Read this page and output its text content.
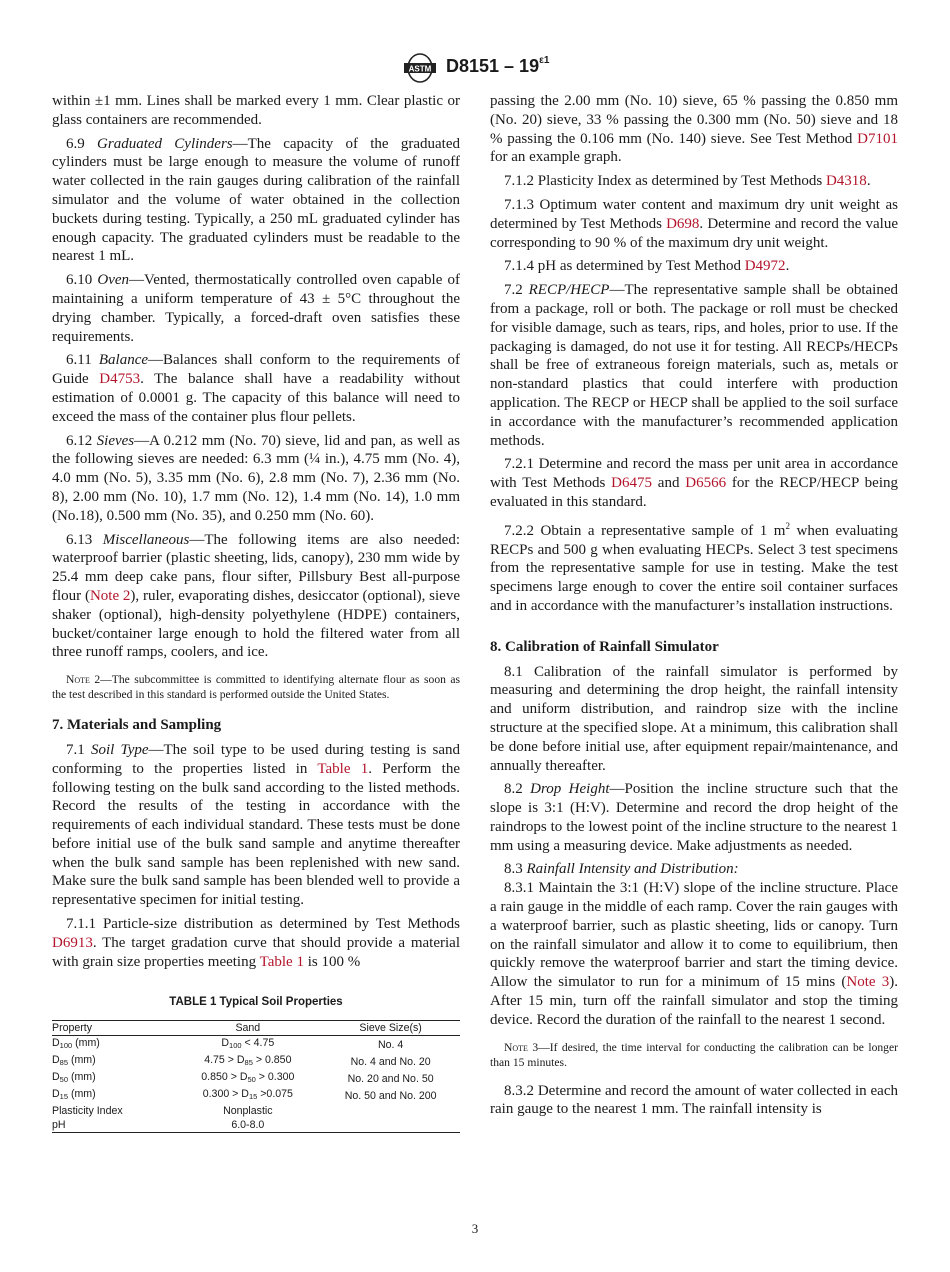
ASTM $D8151 - 19^{\varepsilon 1}$

within ±1 mm. Lines shall be marked every 1 mm. Clear plastic or glass containers are recommended.

6.9 Graduated Cylinders—The capacity of the graduated cylinders must be large enough to measure the volume of runoff water collected in the rain gauges during calibration of the rainfall simulator and the volume of water obtained in the collection buckets during testing. Typically, a 250 mL graduated cylinder has enough capacity. The graduated cylinders must be readable to the nearest 1 mL.

6.10 Oven—Vented, thermostatically controlled oven capable of maintaining a uniform temperature of 43 ± 5°C throughout the drying chamber. Typically, a forced-draft oven satisfies these requirements.

6.11 Balance—Balances shall conform to the requirements of Guide D4753. The balance shall have a readability without estimation of 0.0001 g. The capacity of this balance will need to exceed the mass of the container plus flour pellets.

6.12 Sieves—A 0.212 mm (No. 70) sieve, lid and pan, as well as the following sieves are needed: 6.3 mm (¼ in.), 4.75 mm (No. 4), 4.0 mm (No. 5), 3.35 mm (No. 6), 2.8 mm (No. 7), 2.36 mm (No. 8), 2.00 mm (No. 10), 1.7 mm (No. 12), 1.4 mm (No. 14), 1.0 mm (No.18), 0.500 mm (No. 35), and 0.250 mm (No. 60).

6.13 Miscellaneous—The following items are also needed: waterproof barrier (plastic sheeting, lids, canopy), 230 mm wide by 25.4 mm deep cake pans, flour sifter, Pillsbury Best all-purpose flour (Note 2), ruler, evaporating dishes, desiccator (optional), sieve shaker (optional), high-density polyethylene (HDPE) containers, bucket/container large enough to hold the filtered water from all three runoff ramps, coolers, and ice.

Note 2—The subcommittee is committed to identifying alternate flour as soon as the test described in this standard is performed outside the United States.

7. Materials and Sampling

7.1 Soil Type—The soil type to be used during testing is sand conforming to the properties listed in Table 1. Perform the following testing on the bulk sand according to the listed methods. Record the results of the testing in accordance with the requirements of each individual standard. These tests must be done before initial use of the bulk sand sample and anytime thereafter when the bulk sand sample has been replenished with new sand. Make sure the bulk sand sample has been blended well to provide a representative specimen for initial testing.

7.1.1 Particle-size distribution as determined by Test Methods D6913. The target gradation curve that should provide a material with grain size properties meeting Table 1 is 100 %

TABLE 1 Typical Soil Properties
Property	Sand	Sieve Size(s)
$D_{100}$ (mm)	$D_{100} < 4.75$	No. 4
$D_{85}$ (mm)	$4.75 > D_{85} > 0.850$	No. 4 and No. 20
$D_{50}$ (mm)	$0.850 > D_{50} > 0.300$	No. 20 and No. 50
$D_{15}$ (mm)	$0.300 > D_{15} >0.075$	No. 50 and No. 200
Plasticity Index	Nonplastic	
pH	6.0-8.0	

passing the 2.00 mm (No. 10) sieve, 65 % passing the 0.850 mm (No. 20) sieve, 33 % passing the 0.300 mm (No. 50) sieve and 18 % passing the 0.106 mm (No. 140) sieve. See Test Method D7101 for an example graph.

7.1.2 Plasticity Index as determined by Test Methods D4318.

7.1.3 Optimum water content and maximum dry unit weight as determined by Test Methods D698. Determine and record the value corresponding to 90 % of the maximum dry unit weight.

7.1.4 pH as determined by Test Method D4972.

7.2 RECP/HECP—The representative sample shall be obtained from a package, roll or both. The package or roll must be checked for visible damage, such as tears, rips, and holes, prior to use. If the packaging is damaged, do not use it for testing. All RECPs/HECPs shall be free of extraneous foreign materials, such as, metals or non-standard plastics that could interfere with production application. The RECP or HECP shall be applied to the soil surface in accordance with the manufacturer’s recommended application methods.

7.2.1 Determine and record the mass per unit area in accordance with Test Methods D6475 and D6566 for the RECP/HECP being evaluated in this standard.

7.2.2 Obtain a representative sample of 1 $m^2$ when evaluating RECPs and 500 g when evaluating HECPs. Select 3 test specimens from the representative sample for use in testing. Make the test specimens large enough to cover the entire soil container surfaces and in accordance with the manufacturer’s installation instructions.

8. Calibration of Rainfall Simulator

8.1 Calibration of the rainfall simulator is performed by measuring and determining the drop height, the rainfall intensity and uniform distribution, and raindrop size with the incline structure at the specified slope. At a minimum, this calibration shall be done before initial use, after equipment repair/maintenance, and annually thereafter.

8.2 Drop Height—Position the incline structure such that the slope is 3:1 (H:V). Determine and record the drop height of the raindrops to the lowest point of the incline structure to the nearest 1 mm using a measuring device. Make adjustments as needed.

8.3 Rainfall Intensity and Distribution:

8.3.1 Maintain the 3:1 (H:V) slope of the incline structure. Place a rain gauge in the middle of each ramp. Cover the rain gauges with a waterproof barrier, such as plastic sheeting, lids or canopy. Turn on the rainfall simulator and allow it to come to equilibrium, then quickly remove the waterproof barrier and start the timing device. Allow the simulator to run for a minimum of 15 mins (Note 3). After 15 min, turn off the rainfall simulator and stop the timing device. Record the duration of the rainfall to the nearest 1 second.

Note 3—If desired, the time interval for conducting the calibration can be longer than 15 minutes.

8.3.2 Determine and record the amount of water collected in each rain gauge to the nearest 1 mm. The rainfall intensity is

3
